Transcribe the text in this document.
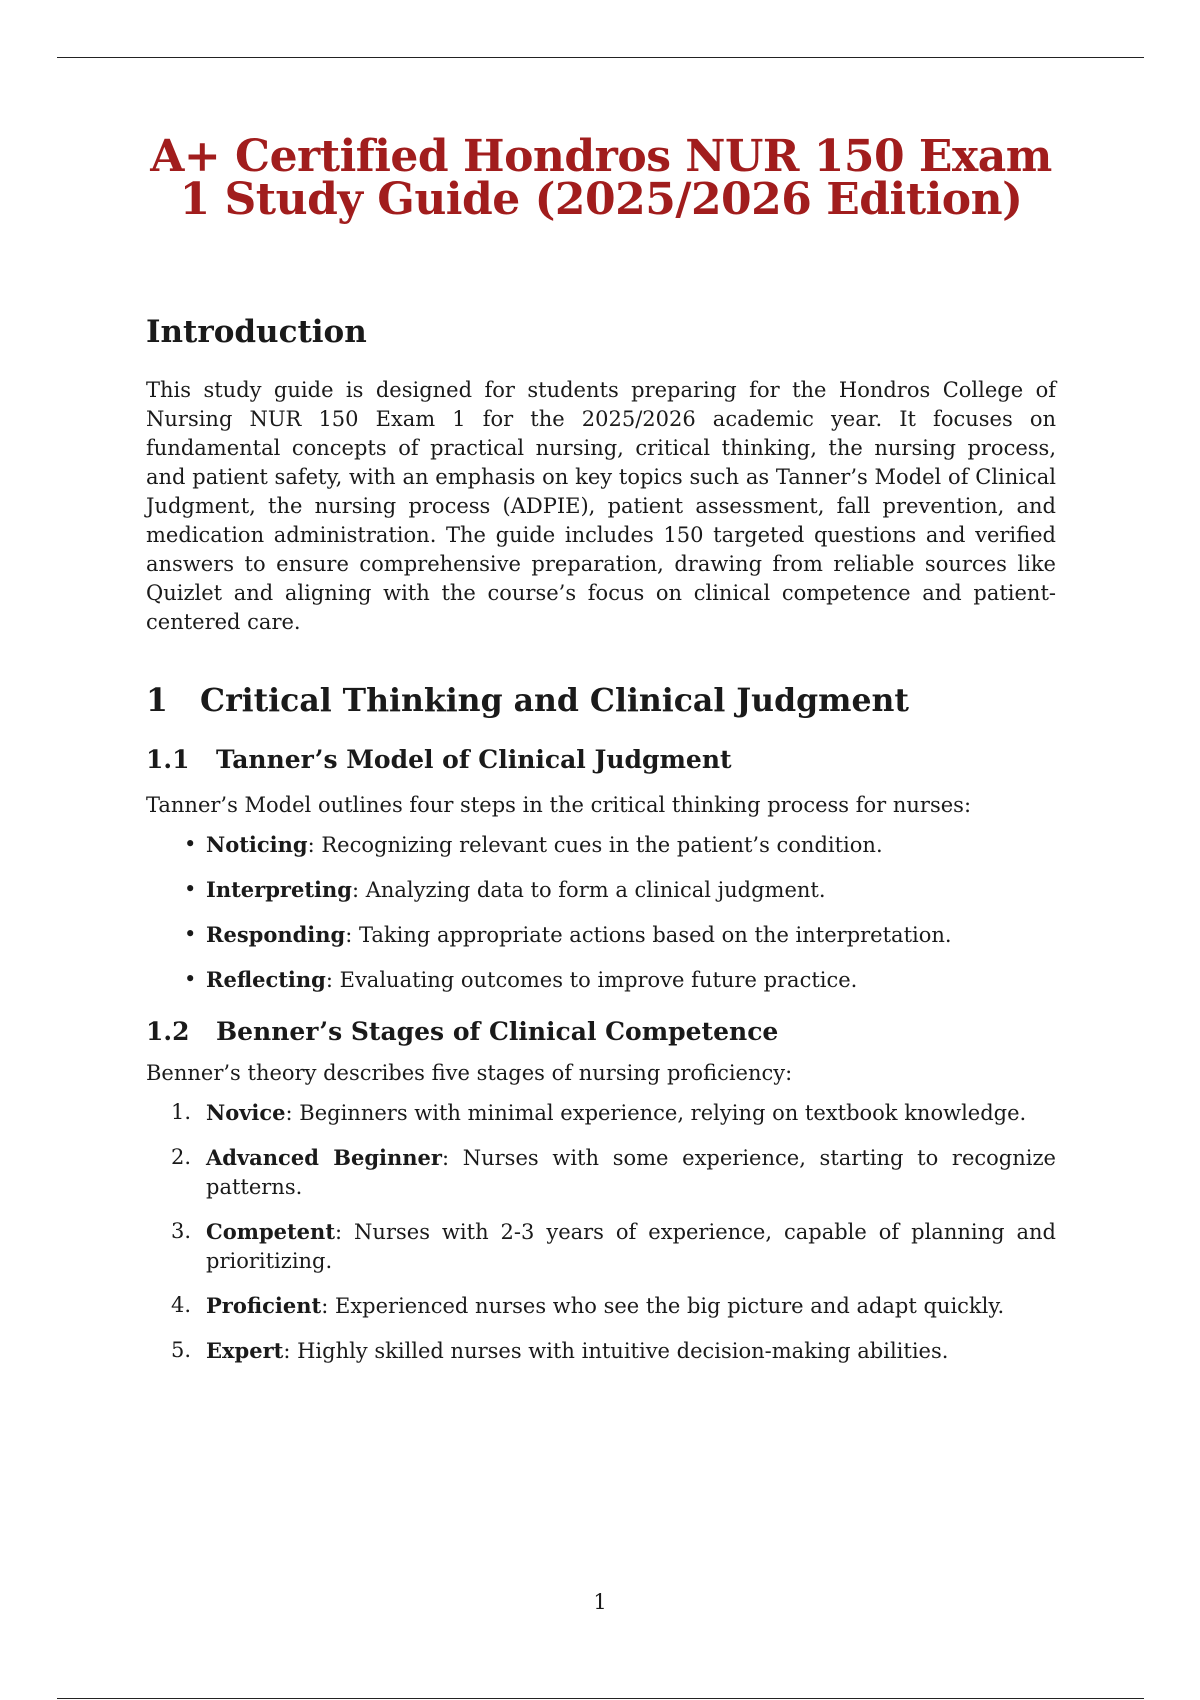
A+ Certified Hondros NUR 150 Exam 1 Study Guide (2025/2026 Edition)
Introduction

This study guide is designed for students preparing for the Hondros College of Nursing NUR 150 Exam 1 for the 2025/2026 academic year. It focuses on fundamental concepts of practical nursing, critical thinking, the nursing process, and patient safety, with an emphasis on key topics such as Tanner’s Model of Clinical Judgment, the nursing process (ADPIE), patient assessment, fall prevention, and medication administration. The guide includes 150 targeted questions and verified answers to ensure comprehensive preparation, drawing from reliable sources like Quizlet and aligning with the course’s focus on clinical competence and patient-centered care.

1 Critical Thinking and Clinical Judgment
1.1 Tanner’s Model of Clinical Judgment

Tanner’s Model outlines four steps in the critical thinking process for nurses:

• Noticing: Recognizing relevant cues in the patient’s condition.
• Interpreting: Analyzing data to form a clinical judgment.
• Responding: Taking appropriate actions based on the interpretation.
• Reflecting: Evaluating outcomes to improve future practice.
1.2 Benner’s Stages of Clinical Competence

Benner’s theory describes five stages of nursing proficiency:

1. Novice: Beginners with minimal experience, relying on textbook knowledge.
2. Advanced Beginner: Nurses with some experience, starting to recognize patterns.
3. Competent: Nurses with 2-3 years of experience, capable of planning and prioritizing.
4. Proficient: Experienced nurses who see the big picture and adapt quickly.
5. Expert: Highly skilled nurses with intuitive decision-making abilities.
1
